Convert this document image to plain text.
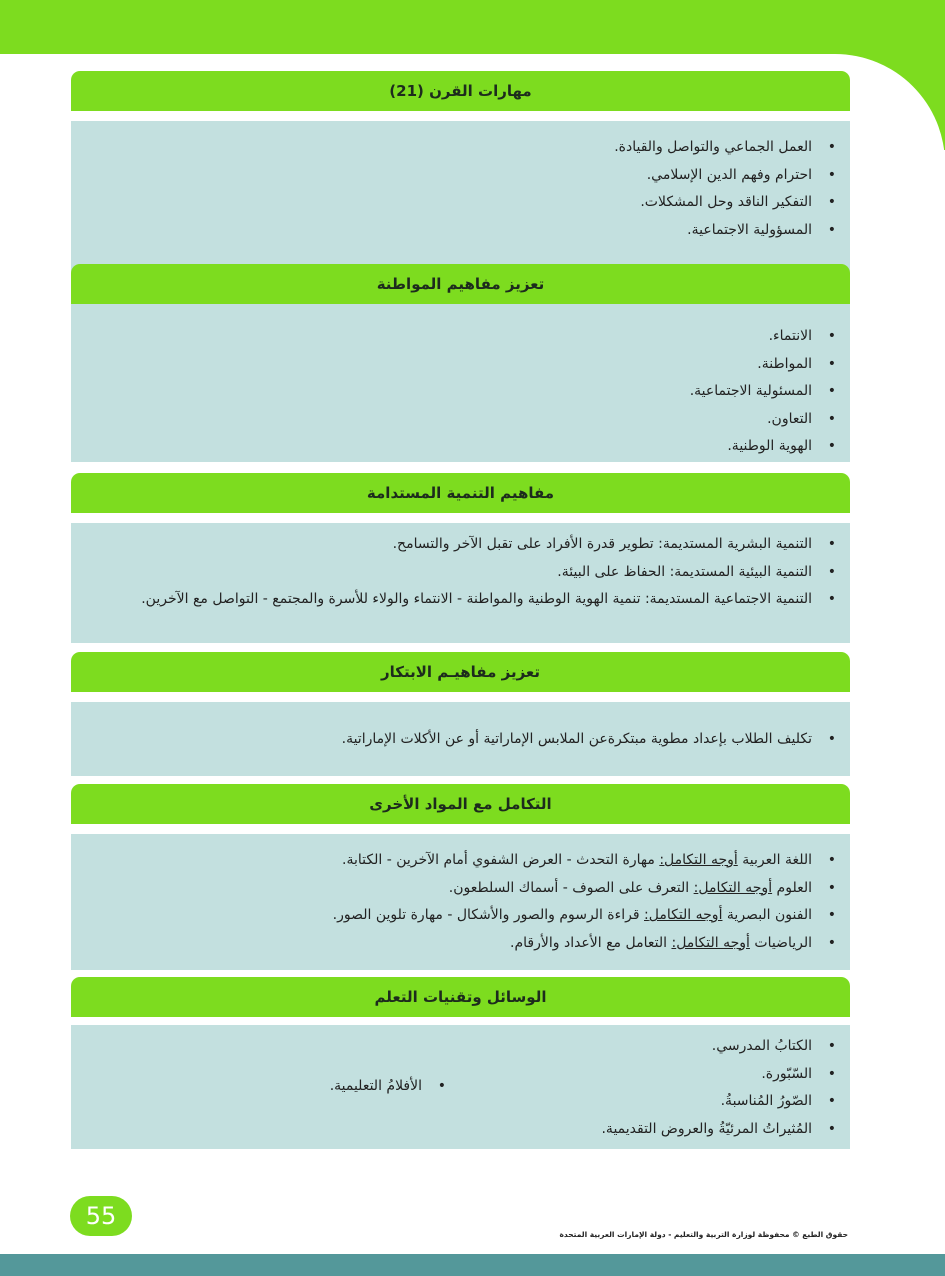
مهارات القرن (21)
• العمل الجماعي والتواصل والقيادة.
• احترام وفهم الدين الإسلامي.
• التفكير الناقد وحل المشكلات.
• المسؤولية الاجتماعية.
تعزيز مفاهيم المواطنة
• الانتماء.
• المواطنة.
• المسئولية الاجتماعية.
• التعاون.
• الهوية الوطنية.
مفاهيم التنمية المستدامة
• التنمية البشرية المستديمة: تطوير قدرة الأفراد على تقبل الآخر والتسامح.
• التنمية البيئية المستديمة: الحفاظ على البيئة.
• التنمية الاجتماعية المستديمة: تنمية الهوية الوطنية والمواطنة - الانتماء والولاء للأسرة والمجتمع - التواصل مع الآخرين.
تعزيز مفاهيـم الابتكار
• تكليف الطلاب بإعداد مطوية مبتكرةعن الملابس الإماراتية أو عن الأكلات الإماراتية.
التكامل مع المواد الأخرى
• اللغة العربية أوجه التكامل: مهارة التحدث - العرض الشفوي أمام الآخرين - الكتابة.
• العلوم أوجه التكامل: التعرف على الصوف - أسماك السلطعون.
• الفنون البصرية أوجه التكامل: قراءة الرسوم والصور والأشكال - مهارة تلوين الصور.
• الرياضيات أوجه التكامل: التعامل مع الأعداد والأرقام.
الوسائل وتقنيات التعلم
• الكتابُ المدرسي.
• السّبّورة.
• الصّورُ المُناسبةُ.
• المُثيراتُ المرئيّةُ والعروض التقديمية.
• الأفلامُ التعليمية.
55
حقوق الطبع © محفوظة لوزارة التربية والتعليم - دولة الإمارات العربية المتحدة
